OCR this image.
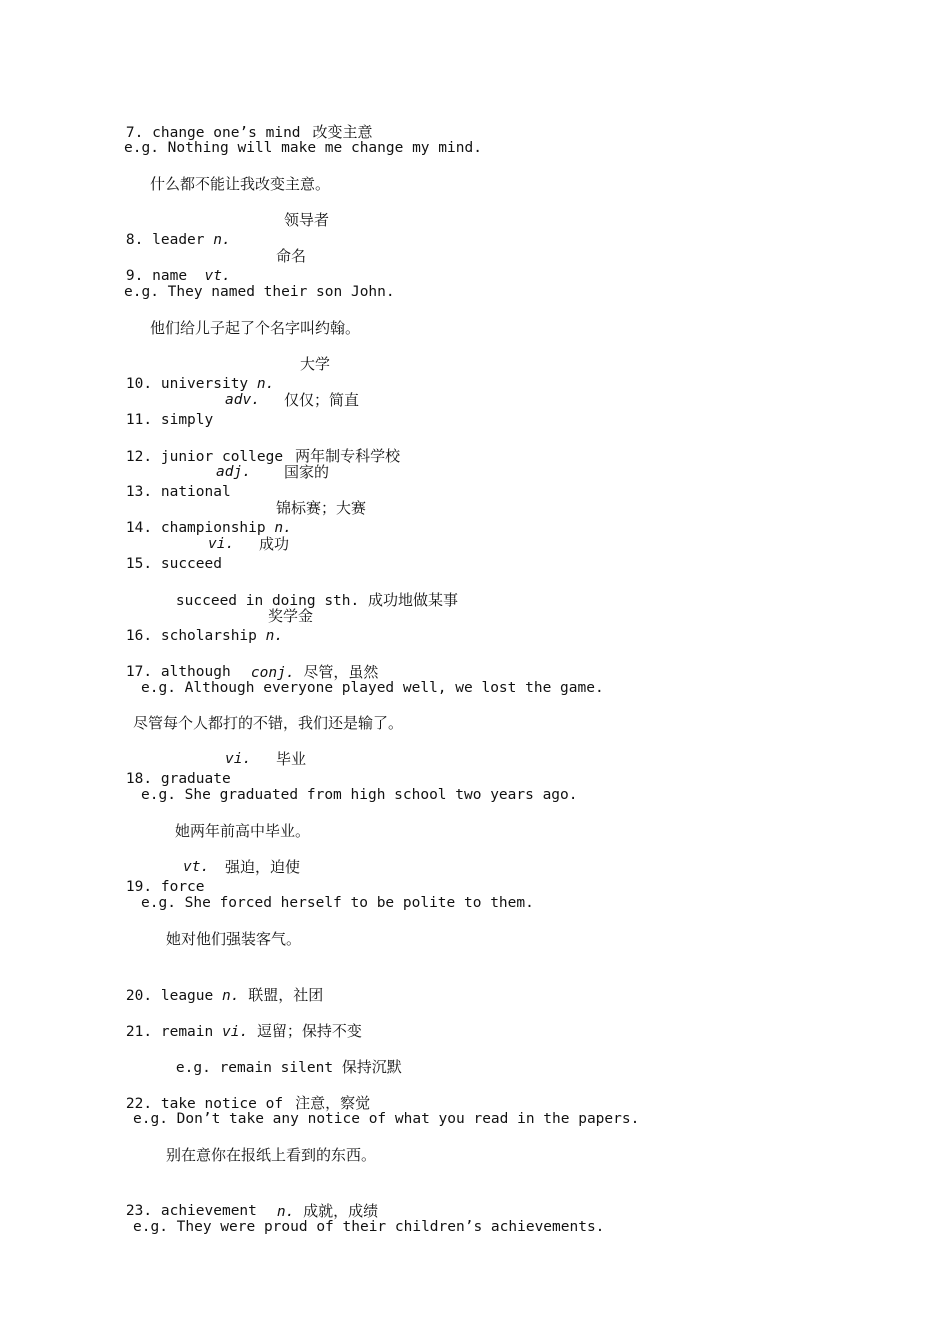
7. change one’s mind 改变主意

e.g. Nothing will make me change my mind.
什么都不能让我改变主意。

8. leader n.

领导者

9. name vt.

命名
e.g. They named their son John.
他们给儿子起了个名字叫约翰。

10. university n.

大学

11. simply

adv. 仅仅；简直

12. junior college 两年制专科学校

13. national

adj. 国家的

14. championship n.

锦标赛；大赛

15. succeed

vi. 成功

succeed in doing sth. 成功地做某事

16. scholarship n.

奖学金

17. although
	conj. 尽管，虽然

e.g. Although everyone played well, we lost the game.
尽管每个人都打的不错，我们还是输了。

18. graduate

vi. 毕业
e.g. She graduated from high school two years ago.
她两年前高中毕业。

19. force

vt. 强迫，迫使
e.g. She forced herself to be polite to them.
她对他们强装客气。

20. league n. 联盟，社团

21. remain vi. 逗留；保持不变

e.g. remain silent 保持沉默

22. take notice of 注意，察觉

e.g. Don’t take any notice of what you read in the papers.
别在意你在报纸上看到的东西。

23. achievement
	n. 成就，成绩

e.g. They were proud of their children’s achievements.
